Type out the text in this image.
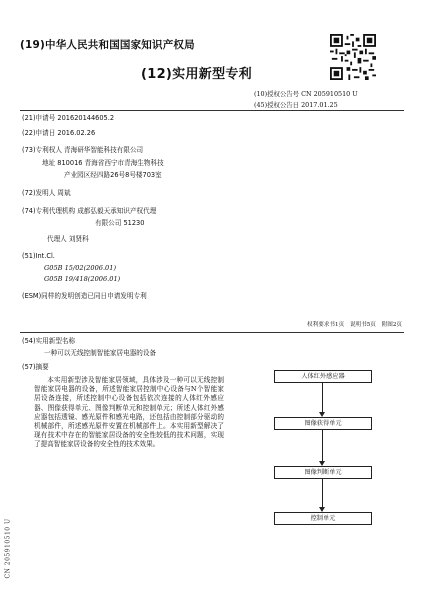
(19)中华人民共和国国家知识产权局
(12)实用新型专利
(10)授权公告号 CN 205910510 U
(45)授权公告日 2017.01.25
(21)申请号 201620144605.2
(22)申请日 2016.02.26
(73)专利权人 青海研华智能科技有限公司
地址 810016 青海省西宁市青海生物科技
产业园区经四路26号8号楼703室
(72)发明人 周斌
(74)专利代理机构 成都弘毅天承知识产权代理
有限公司 51230
代理人 刘贤科
(51)Int.Cl.
G05B 15/02(2006.01)
G05B 19/418(2006.01)
(ESM)同样的发明创造已同日申请发明专利
权利要求书1页 说明书5页 附图2页
(54)实用新型名称
一种可以无线控制智能家居电器的设备
(57)摘要

本实用新型涉及智能家居领域，具体涉及一种可以无线控制智能家居电器的设备，所述智能家居控制中心设备与N个智能家居设备连接，所述控制中心设备包括依次连接的人体红外感应器、图像获得单元、图像判断单元和控制单元；所述人体红外感应器包括透镜、感光原件和感光电路，还包括由控制部分驱动的机械部件，所述感光原件安置在机械部件上。本实用新型解决了现有技术中存在的智能家居设备的安全性较低的技术问题，实现了提高智能家居设备的安全性的技术效果。

人体红外感应器
图像获得单元
图像判断单元
控制单元
CN 205910510 U
